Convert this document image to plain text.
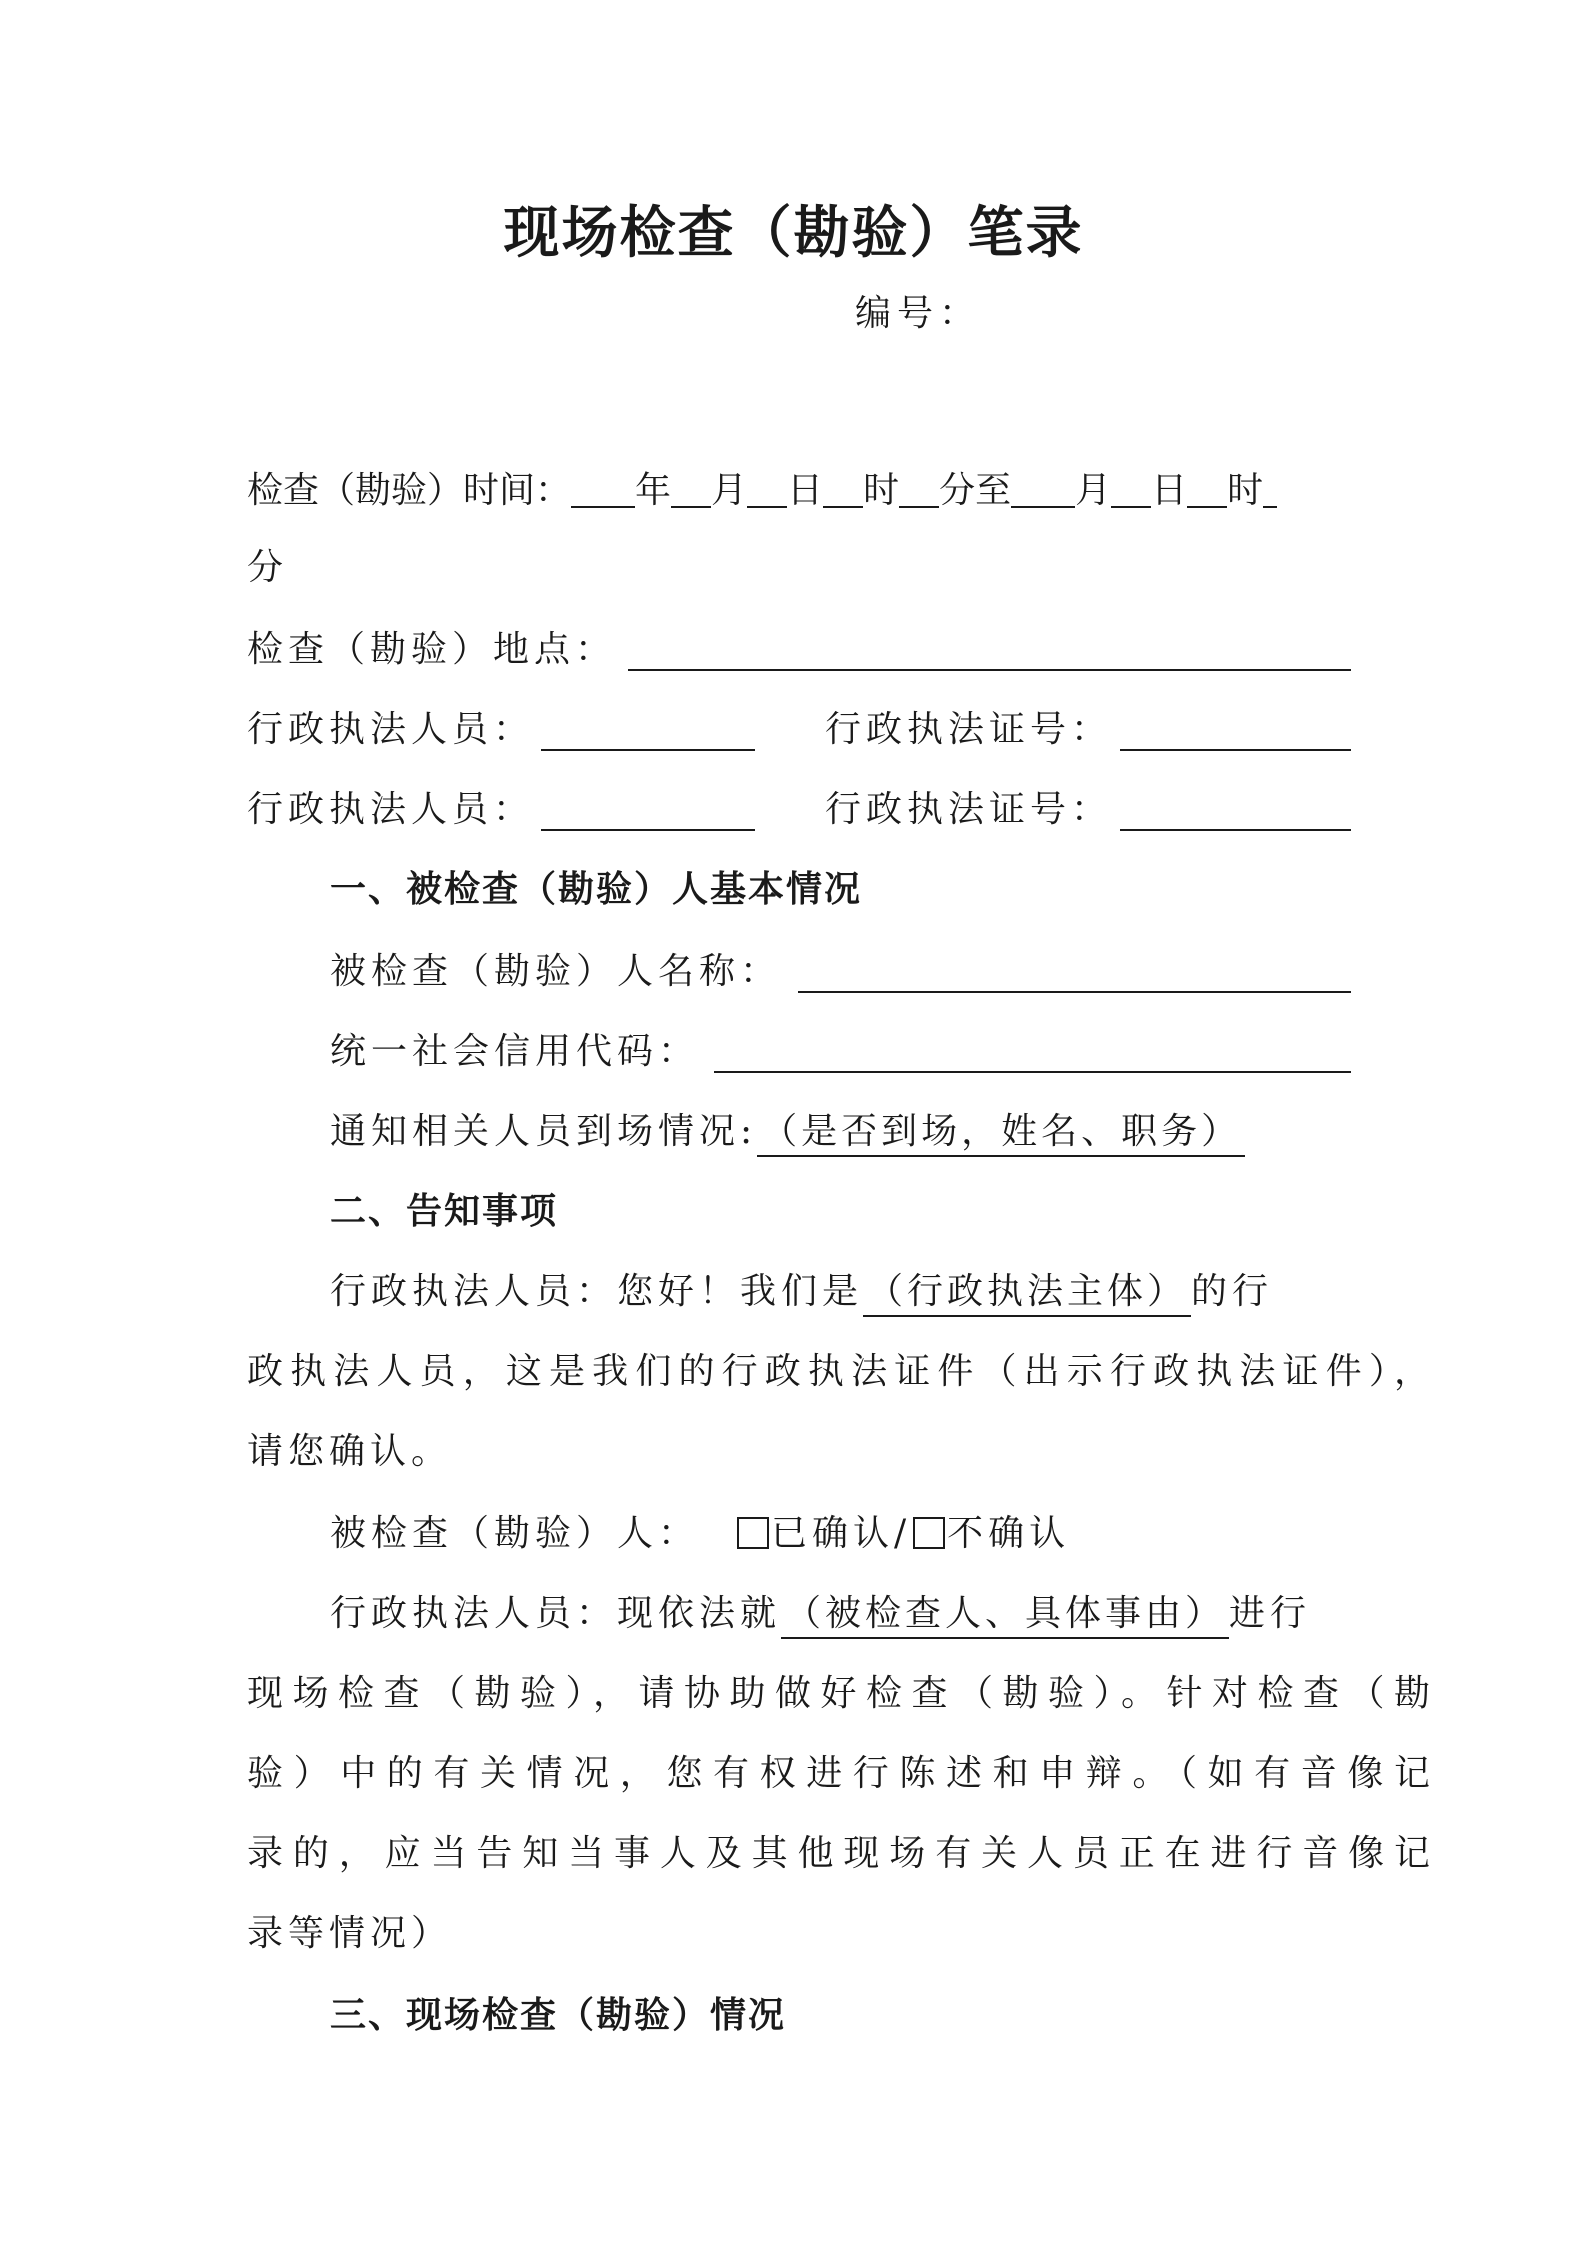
现场检查（勘验）笔录
编号：
检查（勘验）时间： 年 月 日 时 分至 月 日 时
分
检查（勘验）地点：
行政执法人员：	行政执法证号：
行政执法人员：	行政执法证号：
一、被检查（勘验）人基本情况
被检查（勘验）人名称：
统一社会信用代码：
通知相关人员到场情况: （是否到场，姓名、职务）
二、告知事项
行政执法人员：您好！我们是 （行政执法主体） 的行
政执法人员，这是我们的行政执法证件（出示行政执法证件），
请您确认。
被检查（勘验）人： 已确认/ 不确认
行政执法人员：现依法就 （被检查人、具体事由） 进行
现场检查（勘验），请协助做好检查（勘验）。针对检查（勘
验）中的有关情况，您有权进行陈述和申辩。（如有音像记
录的，应当告知当事人及其他现场有关人员正在进行音像记
录等情况）
三、现场检查（勘验）情况
